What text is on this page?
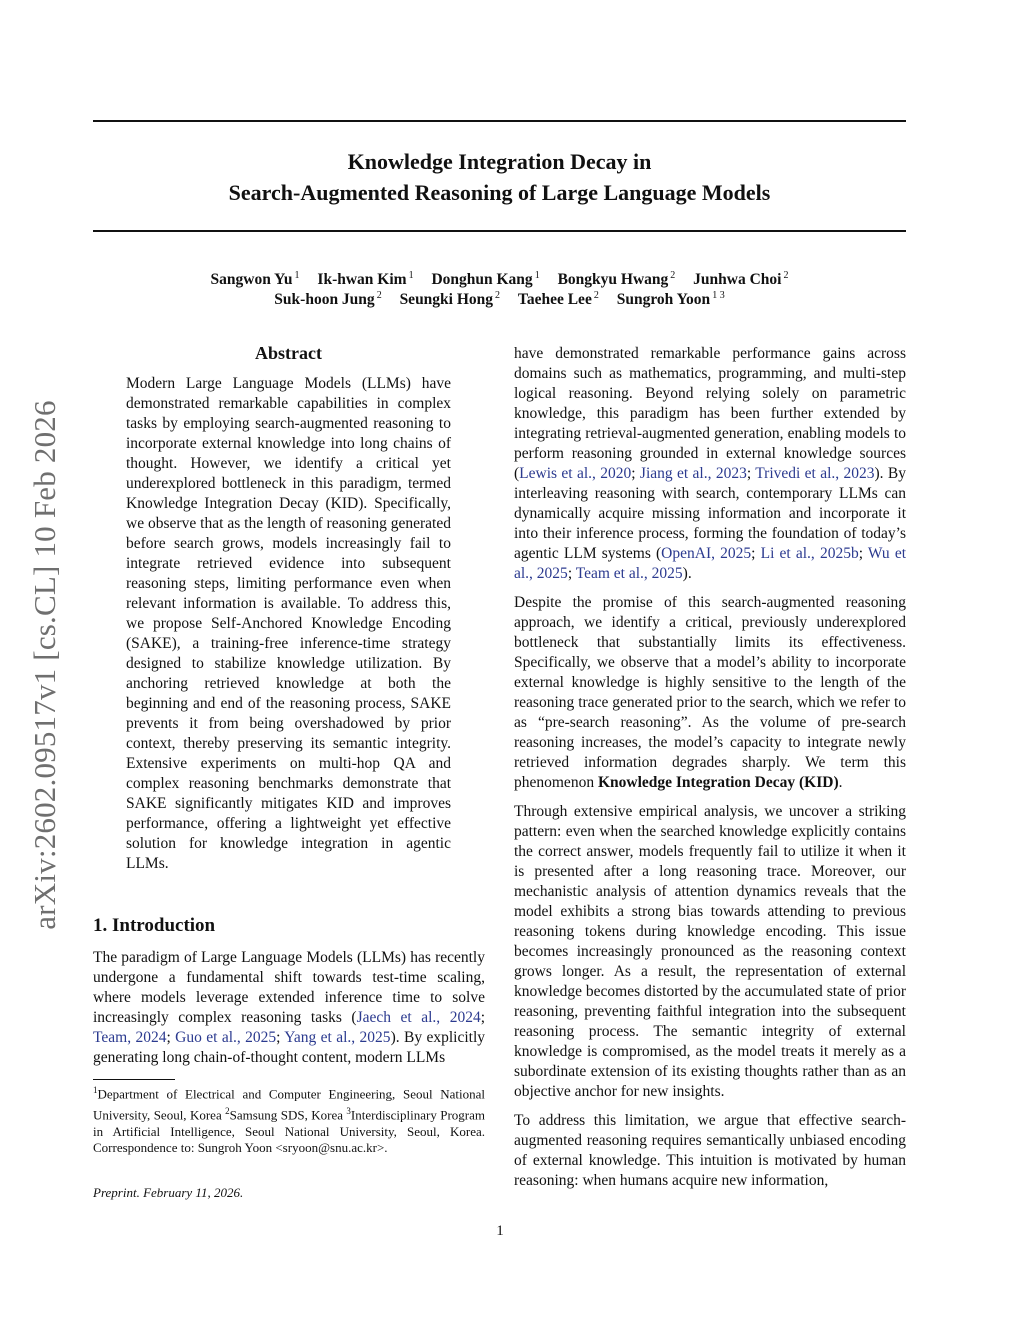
Knowledge Integration Decay in
Search-Augmented Reasoning of Large Language Models
Sangwon Yu $^1$ Ik-hwan Kim $^1$ Donghun Kang $^1$ Bongkyu Hwang $^2$ Junhwa Choi $^2$
Suk-hoon Jung $^2$ Seungki Hong $^2$ Taehee Lee $^2$ Sungroh Yoon $^{1 3}$
arXiv:2602.09517v1 [cs.CL] 10 Feb 2026
Abstract
Modern Large Language Models (LLMs) have demonstrated remarkable capabilities in complex tasks by employing search-augmented reasoning to incorporate external knowledge into long chains of thought. However, we identify a critical yet underexplored bottleneck in this paradigm, termed Knowledge Integration Decay (KID). Specifically, we observe that as the length of reasoning generated before search grows, models increasingly fail to integrate retrieved evidence into subsequent reasoning steps, limiting performance even when relevant information is available. To address this, we propose Self-Anchored Knowledge Encoding (SAKE), a training-free inference-time strategy designed to stabilize knowledge utilization. By anchoring retrieved knowledge at both the beginning and end of the reasoning process, SAKE prevents it from being overshadowed by prior context, thereby preserving its semantic integrity. Extensive experiments on multi-hop QA and complex reasoning benchmarks demonstrate that SAKE significantly mitigates KID and improves performance, offering a lightweight yet effective solution for knowledge integration in agentic LLMs.
1. Introduction
The paradigm of Large Language Models (LLMs) has recently undergone a fundamental shift towards test-time scaling, where models leverage extended inference time to solve increasingly complex reasoning tasks (Jaech et al., 2024; Team, 2024; Guo et al., 2025; Yang et al., 2025). By explicitly generating long chain-of-thought content, modern LLMs
$^1$Department of Electrical and Computer Engineering, Seoul National University, Seoul, Korea $^2$Samsung SDS, Korea $^3$Interdisciplinary Program in Artificial Intelligence, Seoul National University, Seoul, Korea. Correspondence to: Sungroh Yoon <sryoon@snu.ac.kr>.
Preprint. February 11, 2026.

have demonstrated remarkable performance gains across domains such as mathematics, programming, and multi-step logical reasoning. Beyond relying solely on parametric knowledge, this paradigm has been further extended by integrating retrieval-augmented generation, enabling models to perform reasoning grounded in external knowledge sources (Lewis et al., 2020; Jiang et al., 2023; Trivedi et al., 2023). By interleaving reasoning with search, contemporary LLMs can dynamically acquire missing information and incorporate it into their inference process, forming the foundation of today’s agentic LLM systems (OpenAI, 2025; Li et al., 2025b; Wu et al., 2025; Team et al., 2025).

Despite the promise of this search-augmented reasoning approach, we identify a critical, previously underexplored bottleneck that substantially limits its effectiveness. Specifically, we observe that a model’s ability to incorporate external knowledge is highly sensitive to the length of the reasoning trace generated prior to the search, which we refer to as “pre-search reasoning”. As the volume of pre-search reasoning increases, the model’s capacity to integrate newly retrieved information degrades sharply. We term this phenomenon Knowledge Integration Decay (KID).

Through extensive empirical analysis, we uncover a striking pattern: even when the searched knowledge explicitly contains the correct answer, models frequently fail to utilize it when it is presented after a long reasoning trace. Moreover, our mechanistic analysis of attention dynamics reveals that the model exhibits a strong bias towards attending to previous reasoning tokens during knowledge encoding. This issue becomes increasingly pronounced as the reasoning context grows longer. As a result, the representation of external knowledge becomes distorted by the accumulated state of prior reasoning, preventing faithful integration into the subsequent reasoning process. The semantic integrity of external knowledge is compromised, as the model treats it merely as a subordinate extension of its existing thoughts rather than as an objective anchor for new insights.

To address this limitation, we argue that effective search-augmented reasoning requires semantically unbiased encoding of external knowledge. This intuition is motivated by human reasoning: when humans acquire new information,

1
